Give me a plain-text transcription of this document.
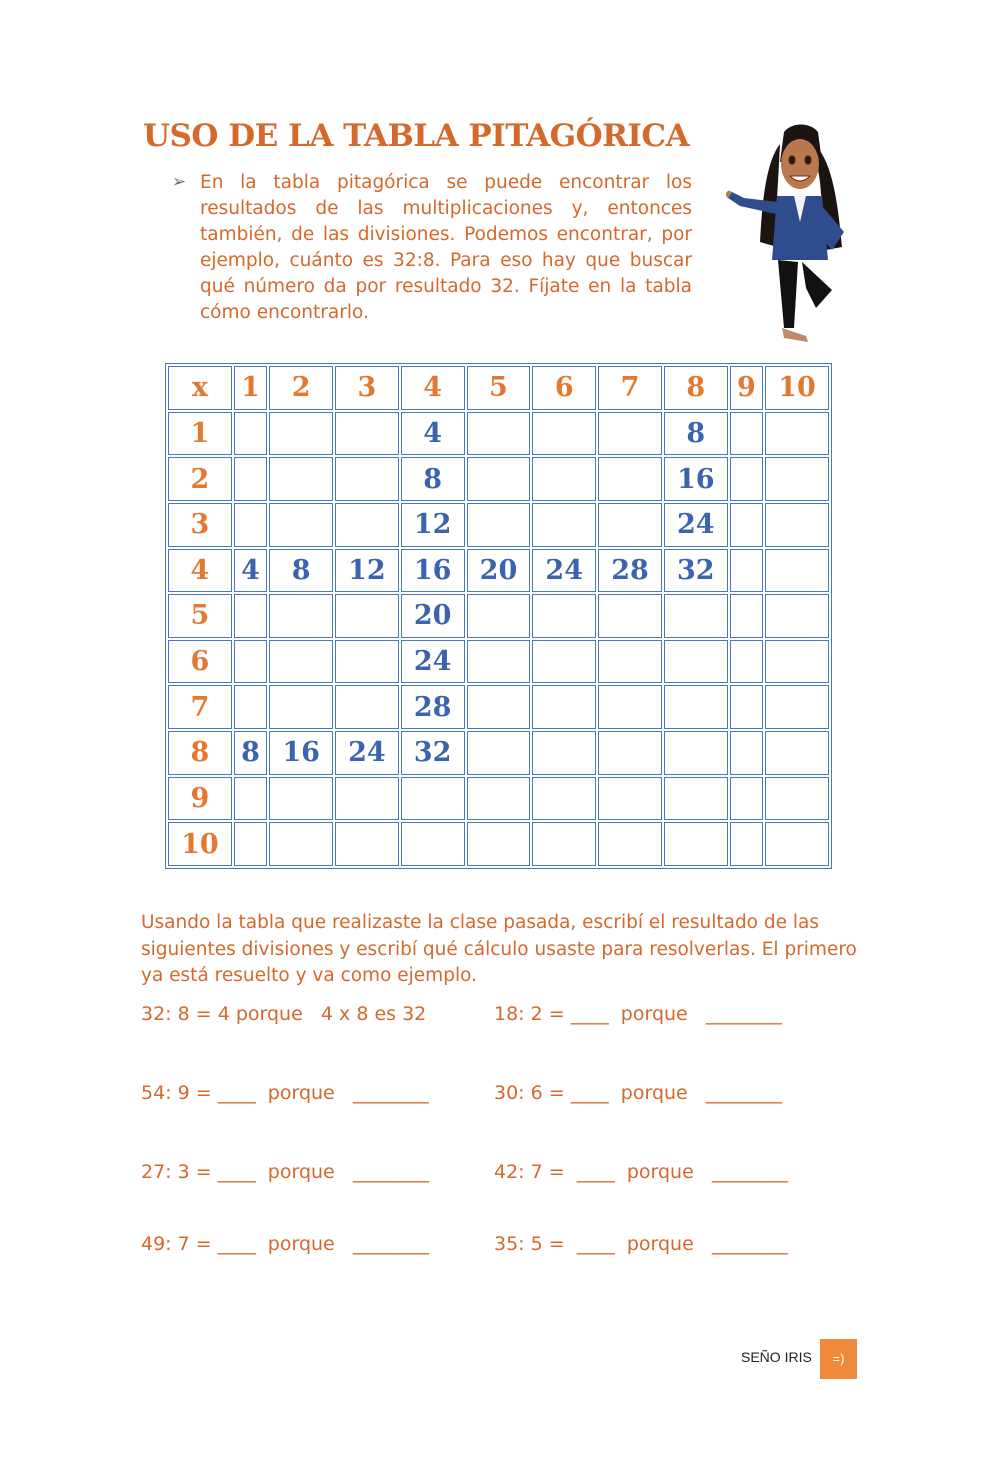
USO DE LA TABLA PITAGÓRICA
➢ En la tabla pitagórica se puede encontrar los resultados de las multiplicaciones y, entonces también, de las divisiones. Podemos encontrar, por ejemplo, cuánto es 32:8. Para eso hay que buscar qué número da por resultado 32. Fíjate en la tabla cómo encontrarlo.

x	1	2	3	4	5	6	7	8	9	10
1				4				8		
2				8				16		
3				12				24		
4	4	8	12	16	20	24	28	32		
5				20						
6				24						
7				28						
8	8	16	24	32						
9										
10										

Usando la tabla que realizaste la clase pasada, escribí el resultado de las siguientes divisiones y escribí qué cálculo usaste para resolverlas. El primero ya está resuelto y va como ejemplo.

32: 8 = 4 porque   4 x 8 es 32	18: 2 = ____  porque   ________
54: 9 = ____  porque   ________	30: 6 = ____  porque   ________
27: 3 = ____  porque   ________	42: 7 =  ____  porque   ________
49: 7 = ____  porque   ________	35: 5 =  ____  porque   ________
SEÑO IRIS	=)
